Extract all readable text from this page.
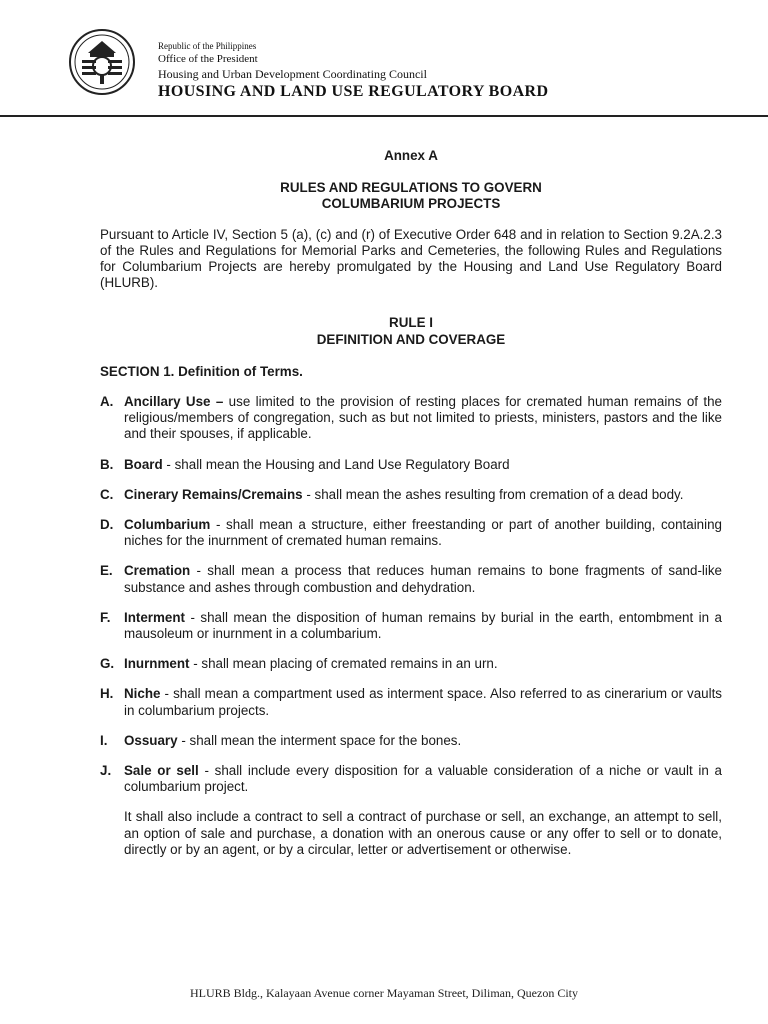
Republic of the Philippines
Office of the President
Housing and Urban Development Coordinating Council
HOUSING AND LAND USE REGULATORY BOARD
Annex A
RULES AND REGULATIONS TO GOVERN
COLUMBARIUM PROJECTS

Pursuant to Article IV, Section 5 (a), (c) and (r) of Executive Order 648 and in relation to Section 9.2A.2.3 of the Rules and Regulations for Memorial Parks and Cemeteries, the following Rules and Regulations for Columbarium Projects are hereby promulgated by the Housing and Land Use Regulatory Board (HLURB).

RULE I
DEFINITION AND COVERAGE
SECTION 1. Definition of Terms.
A. Ancillary Use – use limited to the provision of resting places for cremated human remains of the religious/members of congregation, such as but not limited to priests, ministers, pastors and the like and their spouses, if applicable.
B. Board - shall mean the Housing and Land Use Regulatory Board
C. Cinerary Remains/Cremains - shall mean the ashes resulting from cremation of a dead body.
D. Columbarium - shall mean a structure, either freestanding or part of another building, containing niches for the inurnment of cremated human remains.
E. Cremation - shall mean a process that reduces human remains to bone fragments of sand-like substance and ashes through combustion and dehydration.
F. Interment - shall mean the disposition of human remains by burial in the earth, entombment in a mausoleum or inurnment in a columbarium.
G. Inurnment - shall mean placing of cremated remains in an urn.
H. Niche - shall mean a compartment used as interment space. Also referred to as cinerarium or vaults in columbarium projects.
I. Ossuary - shall mean the interment space for the bones.
J. Sale or sell - shall include every disposition for a valuable consideration of a niche or vault in a columbarium project.

It shall also include a contract to sell a contract of purchase or sell, an exchange, an attempt to sell, an option of sale and purchase, a donation with an onerous cause or any offer to sell or to donate, directly or by an agent, or by a circular, letter or advertisement or otherwise.

HLURB Bldg., Kalayaan Avenue corner Mayaman Street, Diliman, Quezon City
